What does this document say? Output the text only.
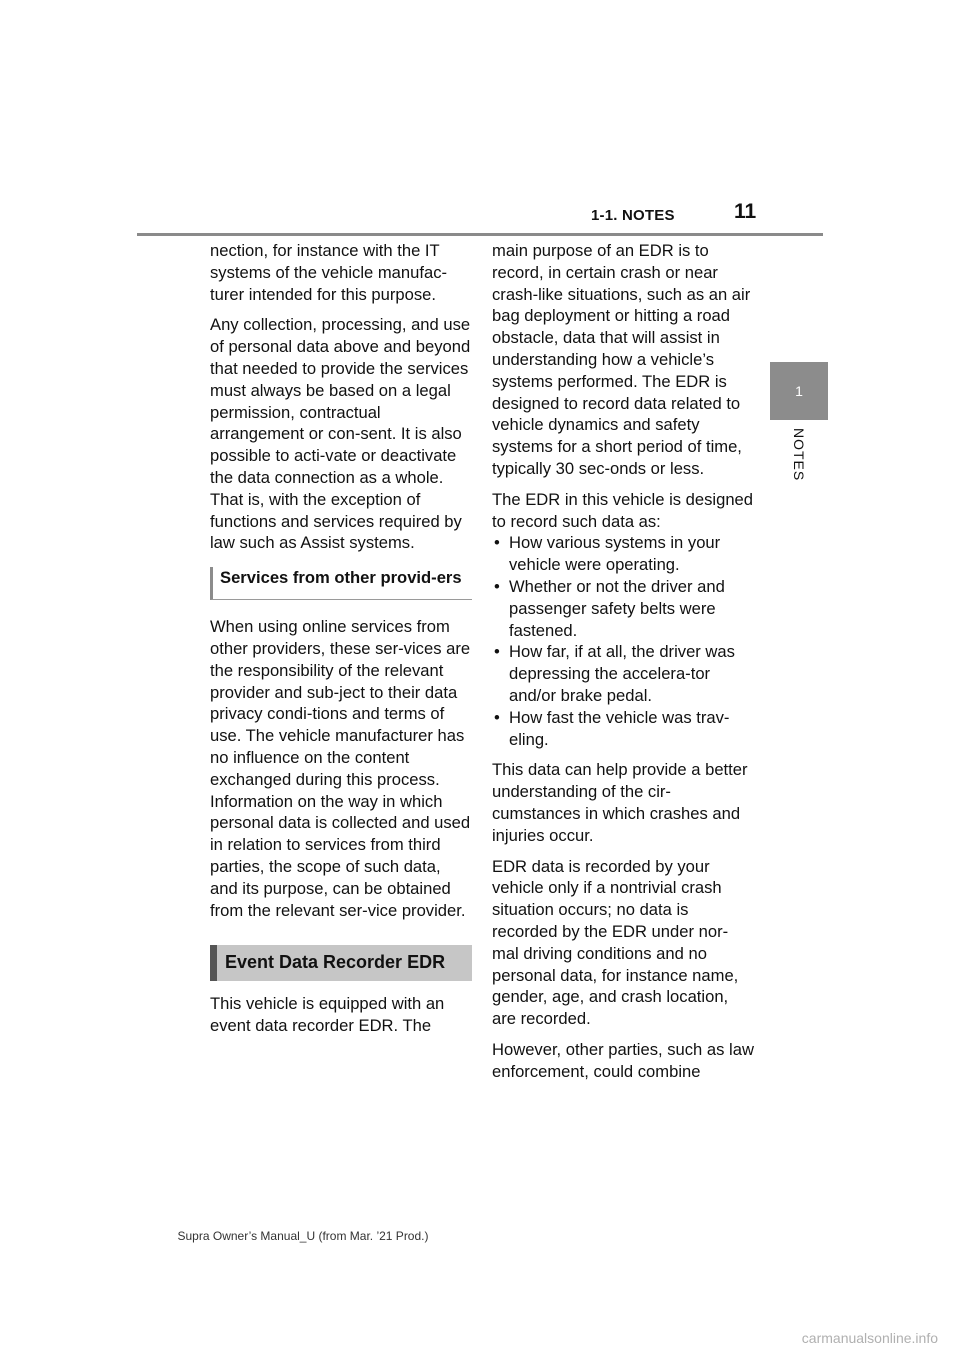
1-1. NOTES	11
1
NOTES

nection, for instance with the IT systems of the vehicle manufac-turer intended for this purpose.

Any collection, processing, and use of personal data above and beyond that needed to provide the services must always be based on a legal permission, contractual arrangement or con-sent. It is also possible to acti-vate or deactivate the data connection as a whole. That is, with the exception of functions and services required by law such as Assist systems.

Services from other provid-ers

When using online services from other providers, these ser-vices are the responsibility of the relevant provider and sub-ject to their data privacy condi-tions and terms of use. The vehicle manufacturer has no influence on the content exchanged during this process. Information on the way in which personal data is collected and used in relation to services from third parties, the scope of such data, and its purpose, can be obtained from the relevant ser-vice provider.

Event Data Recorder EDR

This vehicle is equipped with an event data recorder EDR. The

main purpose of an EDR is to record, in certain crash or near crash-like situations, such as an air bag deployment or hitting a road obstacle, data that will assist in understanding how a vehicle’s systems performed. The EDR is designed to record data related to vehicle dynamics and safety systems for a short period of time, typically 30 sec-onds or less.

The EDR in this vehicle is designed to record such data as:

• How various systems in your vehicle were operating.
• Whether or not the driver and passenger safety belts were fastened.
• How far, if at all, the driver was depressing the accelera-tor and/or brake pedal.
• How fast the vehicle was trav-eling.

This data can help provide a better understanding of the cir-cumstances in which crashes and injuries occur.

EDR data is recorded by your vehicle only if a nontrivial crash situation occurs; no data is recorded by the EDR under nor-mal driving conditions and no personal data, for instance name, gender, age, and crash location, are recorded.

However, other parties, such as law enforcement, could combine

Supra Owner’s Manual_U (from Mar. ’21 Prod.)
carmanualsonline.info
